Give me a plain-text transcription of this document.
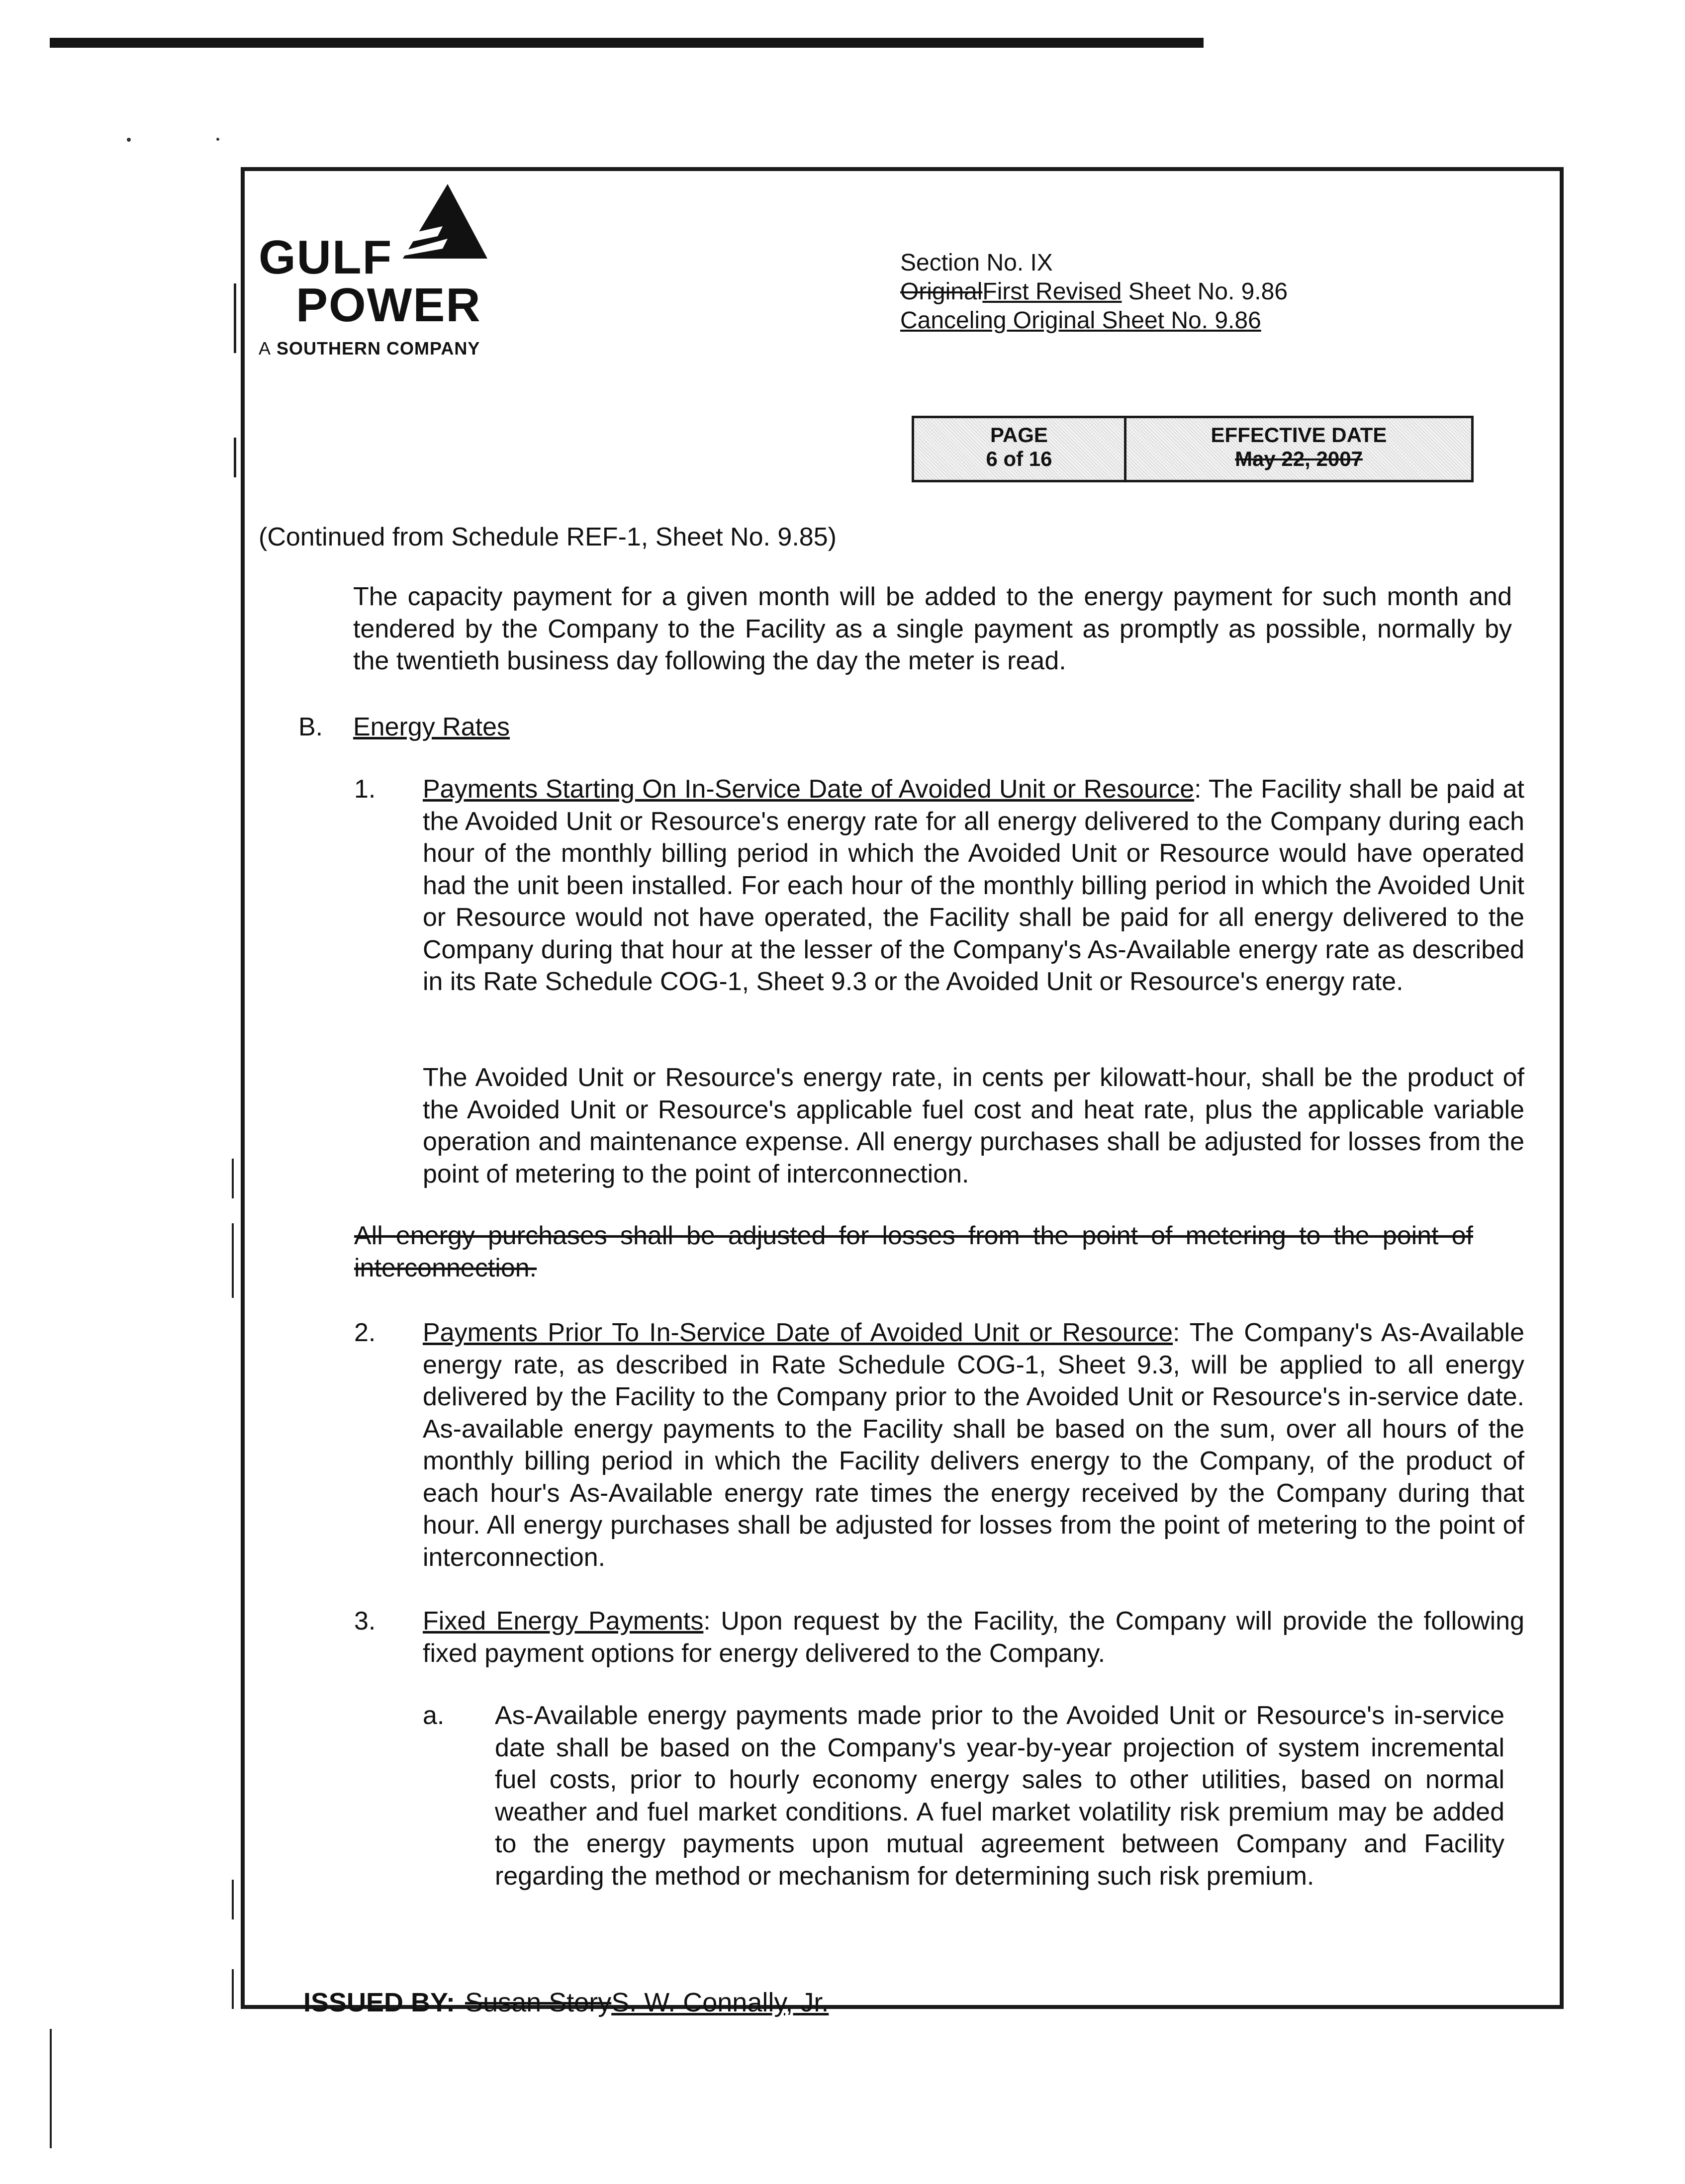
GULF
POWER
A SOUTHERN COMPANY
Section No. IX
OriginalFirst Revised Sheet No. 9.86
Canceling Original Sheet No. 9.86
PAGE
6 of 16
EFFECTIVE DATE
May 22, 2007
(Continued from Schedule REF-1, Sheet No. 9.85)
The capacity payment for a given month will be added to the energy payment for such month and tendered by the Company to the Facility as a single payment as promptly as possible, normally by the twentieth business day following the day the meter is read.
B. Energy Rates
1. Payments Starting On In-Service Date of Avoided Unit or Resource: The Facility shall be paid at the Avoided Unit or Resource's energy rate for all energy delivered to the Company during each hour of the monthly billing period in which the Avoided Unit or Resource would have operated had the unit been installed. For each hour of the monthly billing period in which the Avoided Unit or Resource would not have operated, the Facility shall be paid for all energy delivered to the Company during that hour at the lesser of the Company's As-Available energy rate as described in its Rate Schedule COG-1, Sheet 9.3 or the Avoided Unit or Resource's energy rate.
The Avoided Unit or Resource's energy rate, in cents per kilowatt-hour, shall be the product of the Avoided Unit or Resource's applicable fuel cost and heat rate, plus the applicable variable operation and maintenance expense. All energy purchases shall be adjusted for losses from the point of metering to the point of interconnection.
All energy purchases shall be adjusted for losses from the point of metering to the point of interconnection.
2. Payments Prior To In-Service Date of Avoided Unit or Resource: The Company's As-Available energy rate, as described in Rate Schedule COG-1, Sheet 9.3, will be applied to all energy delivered by the Facility to the Company prior to the Avoided Unit or Resource's in-service date. As-available energy payments to the Facility shall be based on the sum, over all hours of the monthly billing period in which the Facility delivers energy to the Company, of the product of each hour's As-Available energy rate times the energy received by the Company during that hour. All energy purchases shall be adjusted for losses from the point of metering to the point of interconnection.
3. Fixed Energy Payments: Upon request by the Facility, the Company will provide the following fixed payment options for energy delivered to the Company.
a. As-Available energy payments made prior to the Avoided Unit or Resource's in-service date shall be based on the Company's year-by-year projection of system incremental fuel costs, prior to hourly economy energy sales to other utilities, based on normal weather and fuel market conditions. A fuel market volatility risk premium may be added to the energy payments upon mutual agreement between Company and Facility regarding the method or mechanism for determining such risk premium.
ISSUED BY: Susan StoryS. W. Connally, Jr.
